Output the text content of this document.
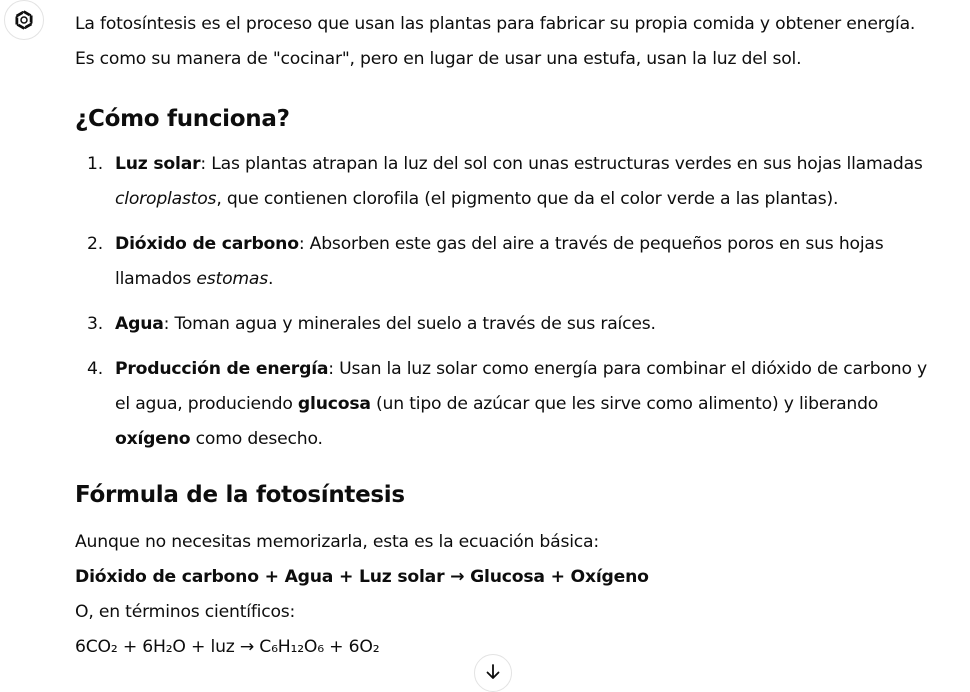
La fotosíntesis es el proceso que usan las plantas para fabricar su propia comida y obtener energía.
Es como su manera de "cocinar", pero en lugar de usar una estufa, usan la luz del sol.

¿Cómo funciona?
1. Luz solar: Las plantas atrapan la luz del sol con unas estructuras verdes en sus hojas llamadas
cloroplastos, que contienen clorofila (el pigmento que da el color verde a las plantas).
2. Dióxido de carbono: Absorben este gas del aire a través de pequeños poros en sus hojas
llamados estomas.
3. Agua: Toman agua y minerales del suelo a través de sus raíces.
4. Producción de energía: Usan la luz solar como energía para combinar el dióxido de carbono y
el agua, produciendo glucosa (un tipo de azúcar que les sirve como alimento) y liberando
oxígeno como desecho.
Fórmula de la fotosíntesis

Aunque no necesitas memorizarla, esta es la ecuación básica:

Dióxido de carbono + Agua + Luz solar → Glucosa + Oxígeno

O, en términos científicos:

6CO₂ + 6H₂O + luz → C₆H₁₂O₆ + 6O₂
